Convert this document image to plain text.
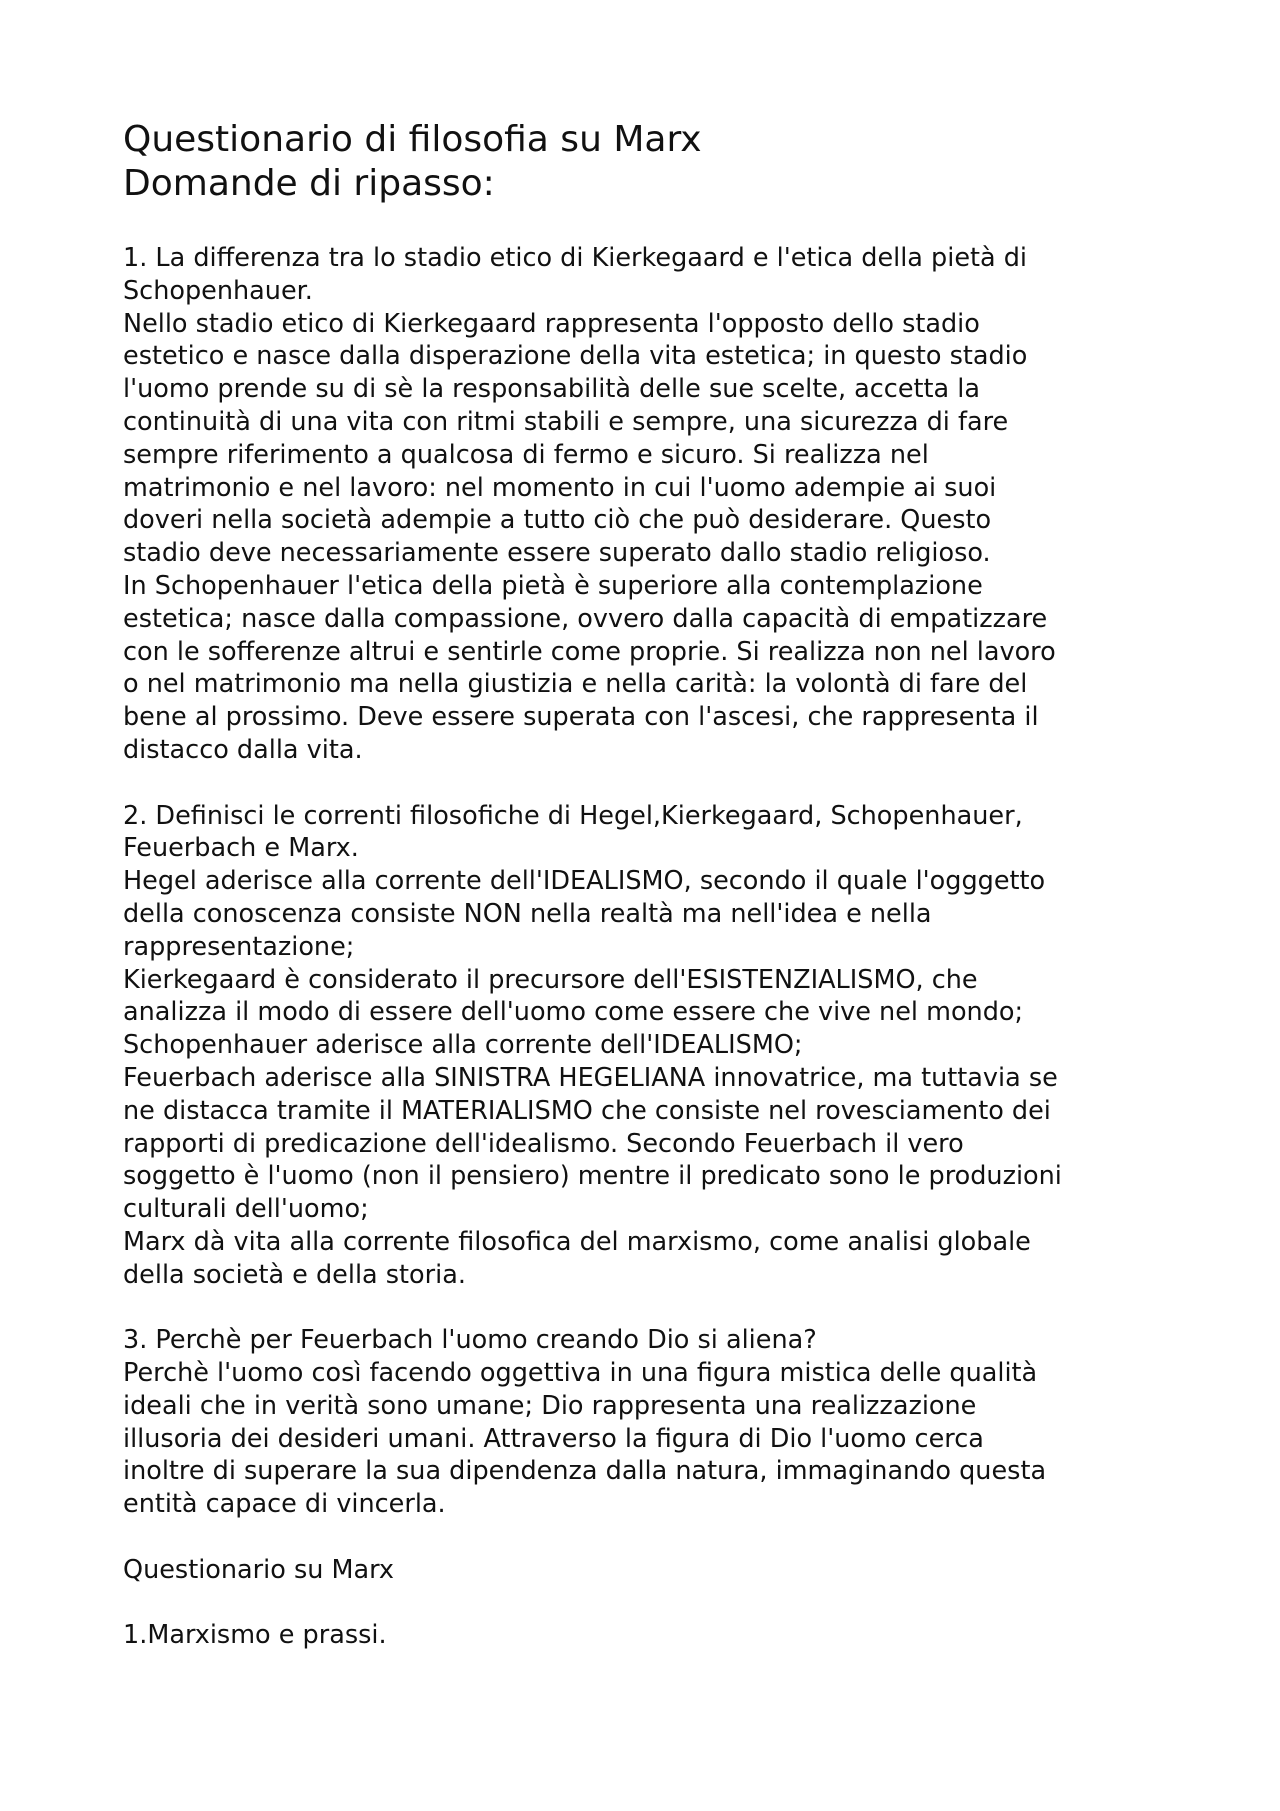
Questionario di filosofia su Marx
Domande di ripasso:
1. La differenza tra lo stadio etico di Kierkegaard e l'etica della pietà di
Schopenhauer.
Nello stadio etico di Kierkegaard rappresenta l'opposto dello stadio
estetico e nasce dalla disperazione della vita estetica; in questo stadio
l'uomo prende su di sè la responsabilità delle sue scelte, accetta la
continuità di una vita con ritmi stabili e sempre, una sicurezza di fare
sempre riferimento a qualcosa di fermo e sicuro. Si realizza nel
matrimonio e nel lavoro: nel momento in cui l'uomo adempie ai suoi
doveri nella società adempie a tutto ciò che può desiderare. Questo
stadio deve necessariamente essere superato dallo stadio religioso.
In Schopenhauer l'etica della pietà è superiore alla contemplazione
estetica; nasce dalla compassione, ovvero dalla capacità di empatizzare
con le sofferenze altrui e sentirle come proprie. Si realizza non nel lavoro
o nel matrimonio ma nella giustizia e nella carità: la volontà di fare del
bene al prossimo. Deve essere superata con l'ascesi, che rappresenta il
distacco dalla vita.
2. Definisci le correnti filosofiche di Hegel,Kierkegaard, Schopenhauer,
Feuerbach e Marx.
Hegel aderisce alla corrente dell'IDEALISMO, secondo il quale l'ogggetto
della conoscenza consiste NON nella realtà ma nell'idea e nella
rappresentazione;
Kierkegaard è considerato il precursore dell'ESISTENZIALISMO, che
analizza il modo di essere dell'uomo come essere che vive nel mondo;
Schopenhauer aderisce alla corrente dell'IDEALISMO;
Feuerbach aderisce alla SINISTRA HEGELIANA innovatrice, ma tuttavia se
ne distacca tramite il MATERIALISMO che consiste nel rovesciamento dei
rapporti di predicazione dell'idealismo. Secondo Feuerbach il vero
soggetto è l'uomo (non il pensiero) mentre il predicato sono le produzioni
culturali dell'uomo;
Marx dà vita alla corrente filosofica del marxismo, come analisi globale
della società e della storia.
3. Perchè per Feuerbach l'uomo creando Dio si aliena?
Perchè l'uomo così facendo oggettiva in una figura mistica delle qualità
ideali che in verità sono umane; Dio rappresenta una realizzazione
illusoria dei desideri umani. Attraverso la figura di Dio l'uomo cerca
inoltre di superare la sua dipendenza dalla natura, immaginando questa
entità capace di vincerla.
Questionario su Marx
1.Marxismo e prassi.
